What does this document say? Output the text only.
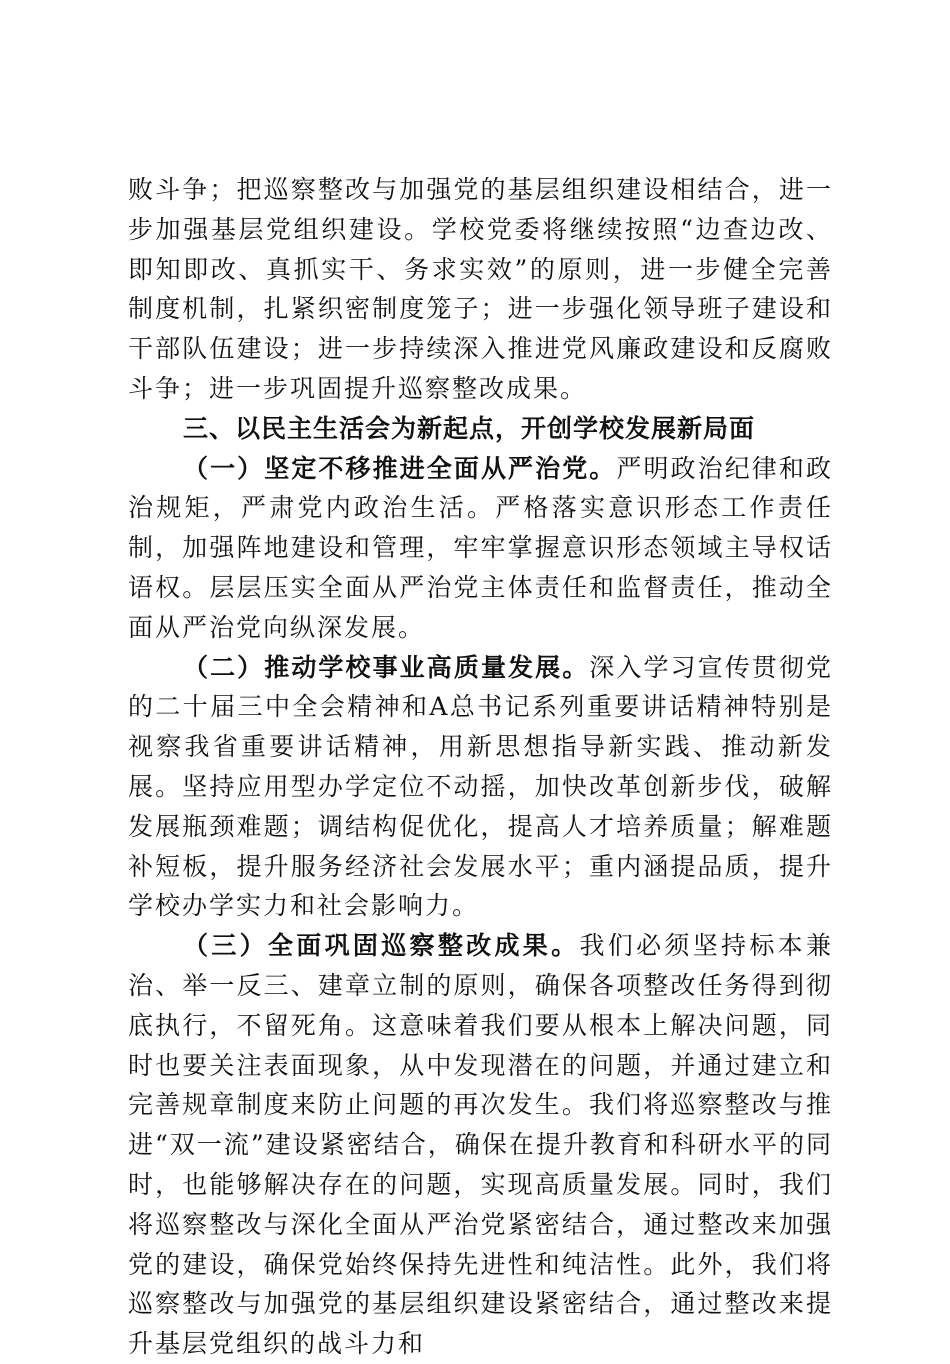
败斗争；把巡察整改与加强党的基层组织建设相结合，进一步加强基层党组织建设。学校党委将继续按照“边查边改、即知即改、真抓实干、务求实效”的原则，进一步健全完善制度机制，扎紧织密制度笼子；进一步强化领导班子建设和干部队伍建设；进一步持续深入推进党风廉政建设和反腐败斗争；进一步巩固提升巡察整改成果。

三、以民主生活会为新起点，开创学校发展新局面

（一）坚定不移推进全面从严治党。严明政治纪律和政治规矩，严肃党内政治生活。严格落实意识形态工作责任制，加强阵地建设和管理，牢牢掌握意识形态领域主导权话语权。层层压实全面从严治党主体责任和监督责任，推动全面从严治党向纵深发展。

（二）推动学校事业高质量发展。深入学习宣传贯彻党的二十届三中全会精神和A总书记系列重要讲话精神特别是视察我省重要讲话精神，用新思想指导新实践、推动新发展。坚持应用型办学定位不动摇，加快改革创新步伐，破解发展瓶颈难题；调结构促优化，提高人才培养质量；解难题补短板，提升服务经济社会发展水平；重内涵提品质，提升学校办学实力和社会影响力。

（三）全面巩固巡察整改成果。我们必须坚持标本兼治、举一反三、建章立制的原则，确保各项整改任务得到彻底执行，不留死角。这意味着我们要从根本上解决问题，同时也要关注表面现象，从中发现潜在的问题，并通过建立和完善规章制度来防止问题的再次发生。我们将巡察整改与推进“双一流”建设紧密结合，确保在提升教育和科研水平的同时，也能够解决存在的问题，实现高质量发展。同时，我们将巡察整改与深化全面从严治党紧密结合，通过整改来加强党的建设，确保党始终保持先进性和纯洁性。此外，我们将巡察整改与加强党的基层组织建设紧密结合，通过整改来提升基层党组织的战斗力和
